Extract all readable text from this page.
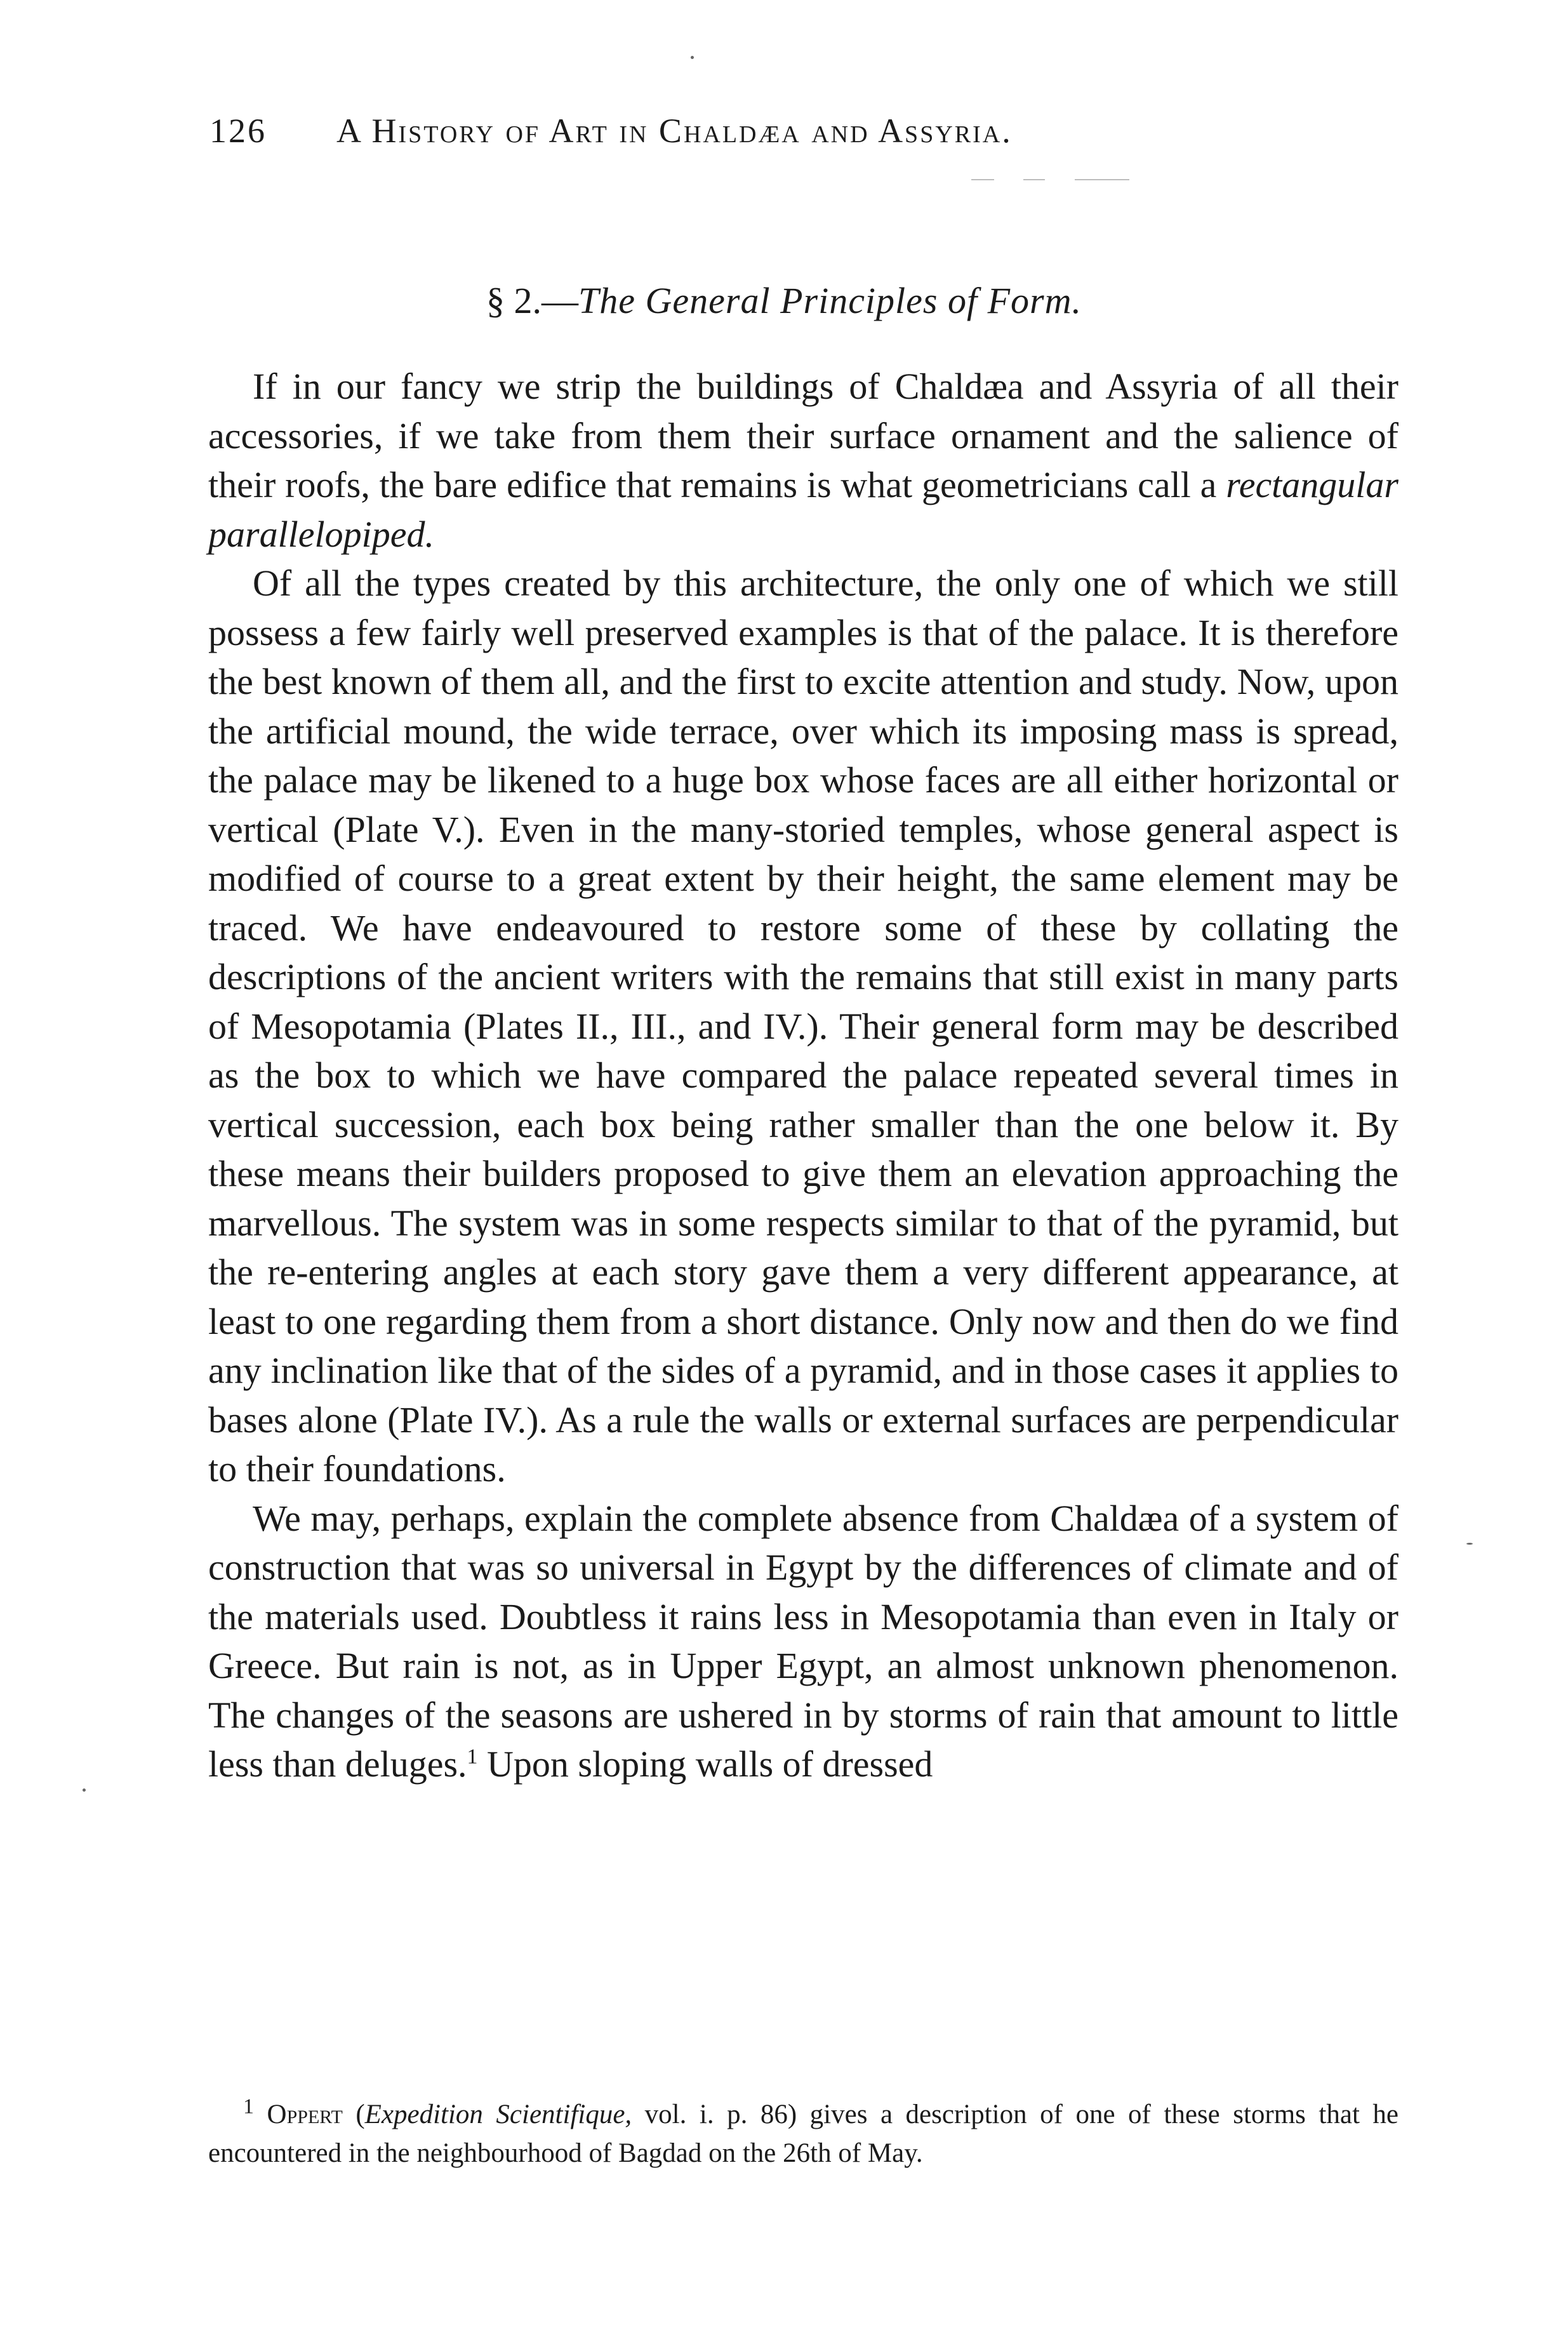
126 A History of Art in Chaldæa and Assyria.
§ 2.—The General Principles of Form.

If in our fancy we strip the buildings of Chaldæa and Assyria of all their accessories, if we take from them their surface ornament and the salience of their roofs, the bare edifice that remains is what geometricians call a rectangular parallelopiped.

Of all the types created by this architecture, the only one of which we still possess a few fairly well preserved examples is that of the palace. It is therefore the best known of them all, and the first to excite attention and study. Now, upon the artificial mound, the wide terrace, over which its imposing mass is spread, the palace may be likened to a huge box whose faces are all either horizontal or vertical (Plate V.). Even in the many-storied temples, whose general aspect is modified of course to a great extent by their height, the same element may be traced. We have endeavoured to restore some of these by collating the descriptions of the ancient writers with the remains that still exist in many parts of Mesopotamia (Plates II., III., and IV.). Their general form may be described as the box to which we have compared the palace repeated several times in vertical succession, each box being rather smaller than the one below it. By these means their builders proposed to give them an elevation approaching the marvellous. The system was in some respects similar to that of the pyramid, but the re-entering angles at each story gave them a very different appearance, at least to one regarding them from a short distance. Only now and then do we find any inclination like that of the sides of a pyramid, and in those cases it applies to bases alone (Plate IV.). As a rule the walls or external surfaces are perpendicular to their foundations.

We may, perhaps, explain the complete absence from Chaldæa of a system of construction that was so universal in Egypt by the differences of climate and of the materials used. Doubtless it rains less in Mesopotamia than even in Italy or Greece. But rain is not, as in Upper Egypt, an almost unknown phenomenon. The changes of the seasons are ushered in by storms of rain that amount to little less than deluges.$^1$ Upon sloping walls of dressed

$^1$ Oppert (Expedition Scientifique, vol. i. p. 86) gives a description of one of these storms that he encountered in the neighbourhood of Bagdad on the 26th of May.
